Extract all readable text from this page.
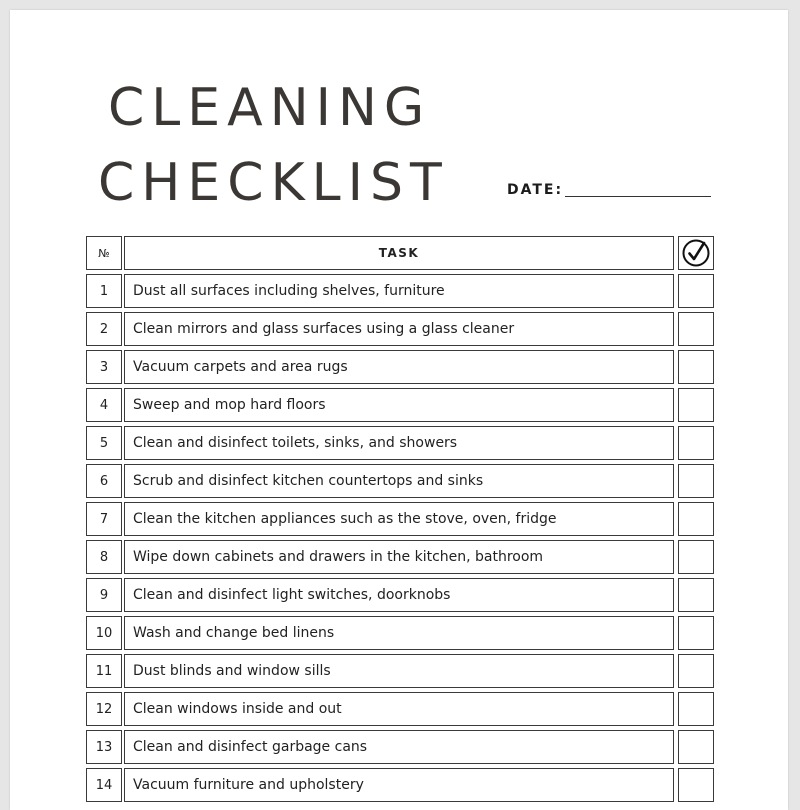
CLEANING
CHECKLIST	DATE:
№	TASK
1	Dust all surfaces including shelves, furniture
2	Clean mirrors and glass surfaces using a glass cleaner
3	Vacuum carpets and area rugs
4	Sweep and mop hard floors
5	Clean and disinfect toilets, sinks, and showers
6	Scrub and disinfect kitchen countertops and sinks
7	Clean the kitchen appliances such as the stove, oven, fridge
8	Wipe down cabinets and drawers in the kitchen, bathroom
9	Clean and disinfect light switches, doorknobs
10	Wash and change bed linens
11	Dust blinds and window sills
12	Clean windows inside and out
13	Clean and disinfect garbage cans
14	Vacuum furniture and upholstery
